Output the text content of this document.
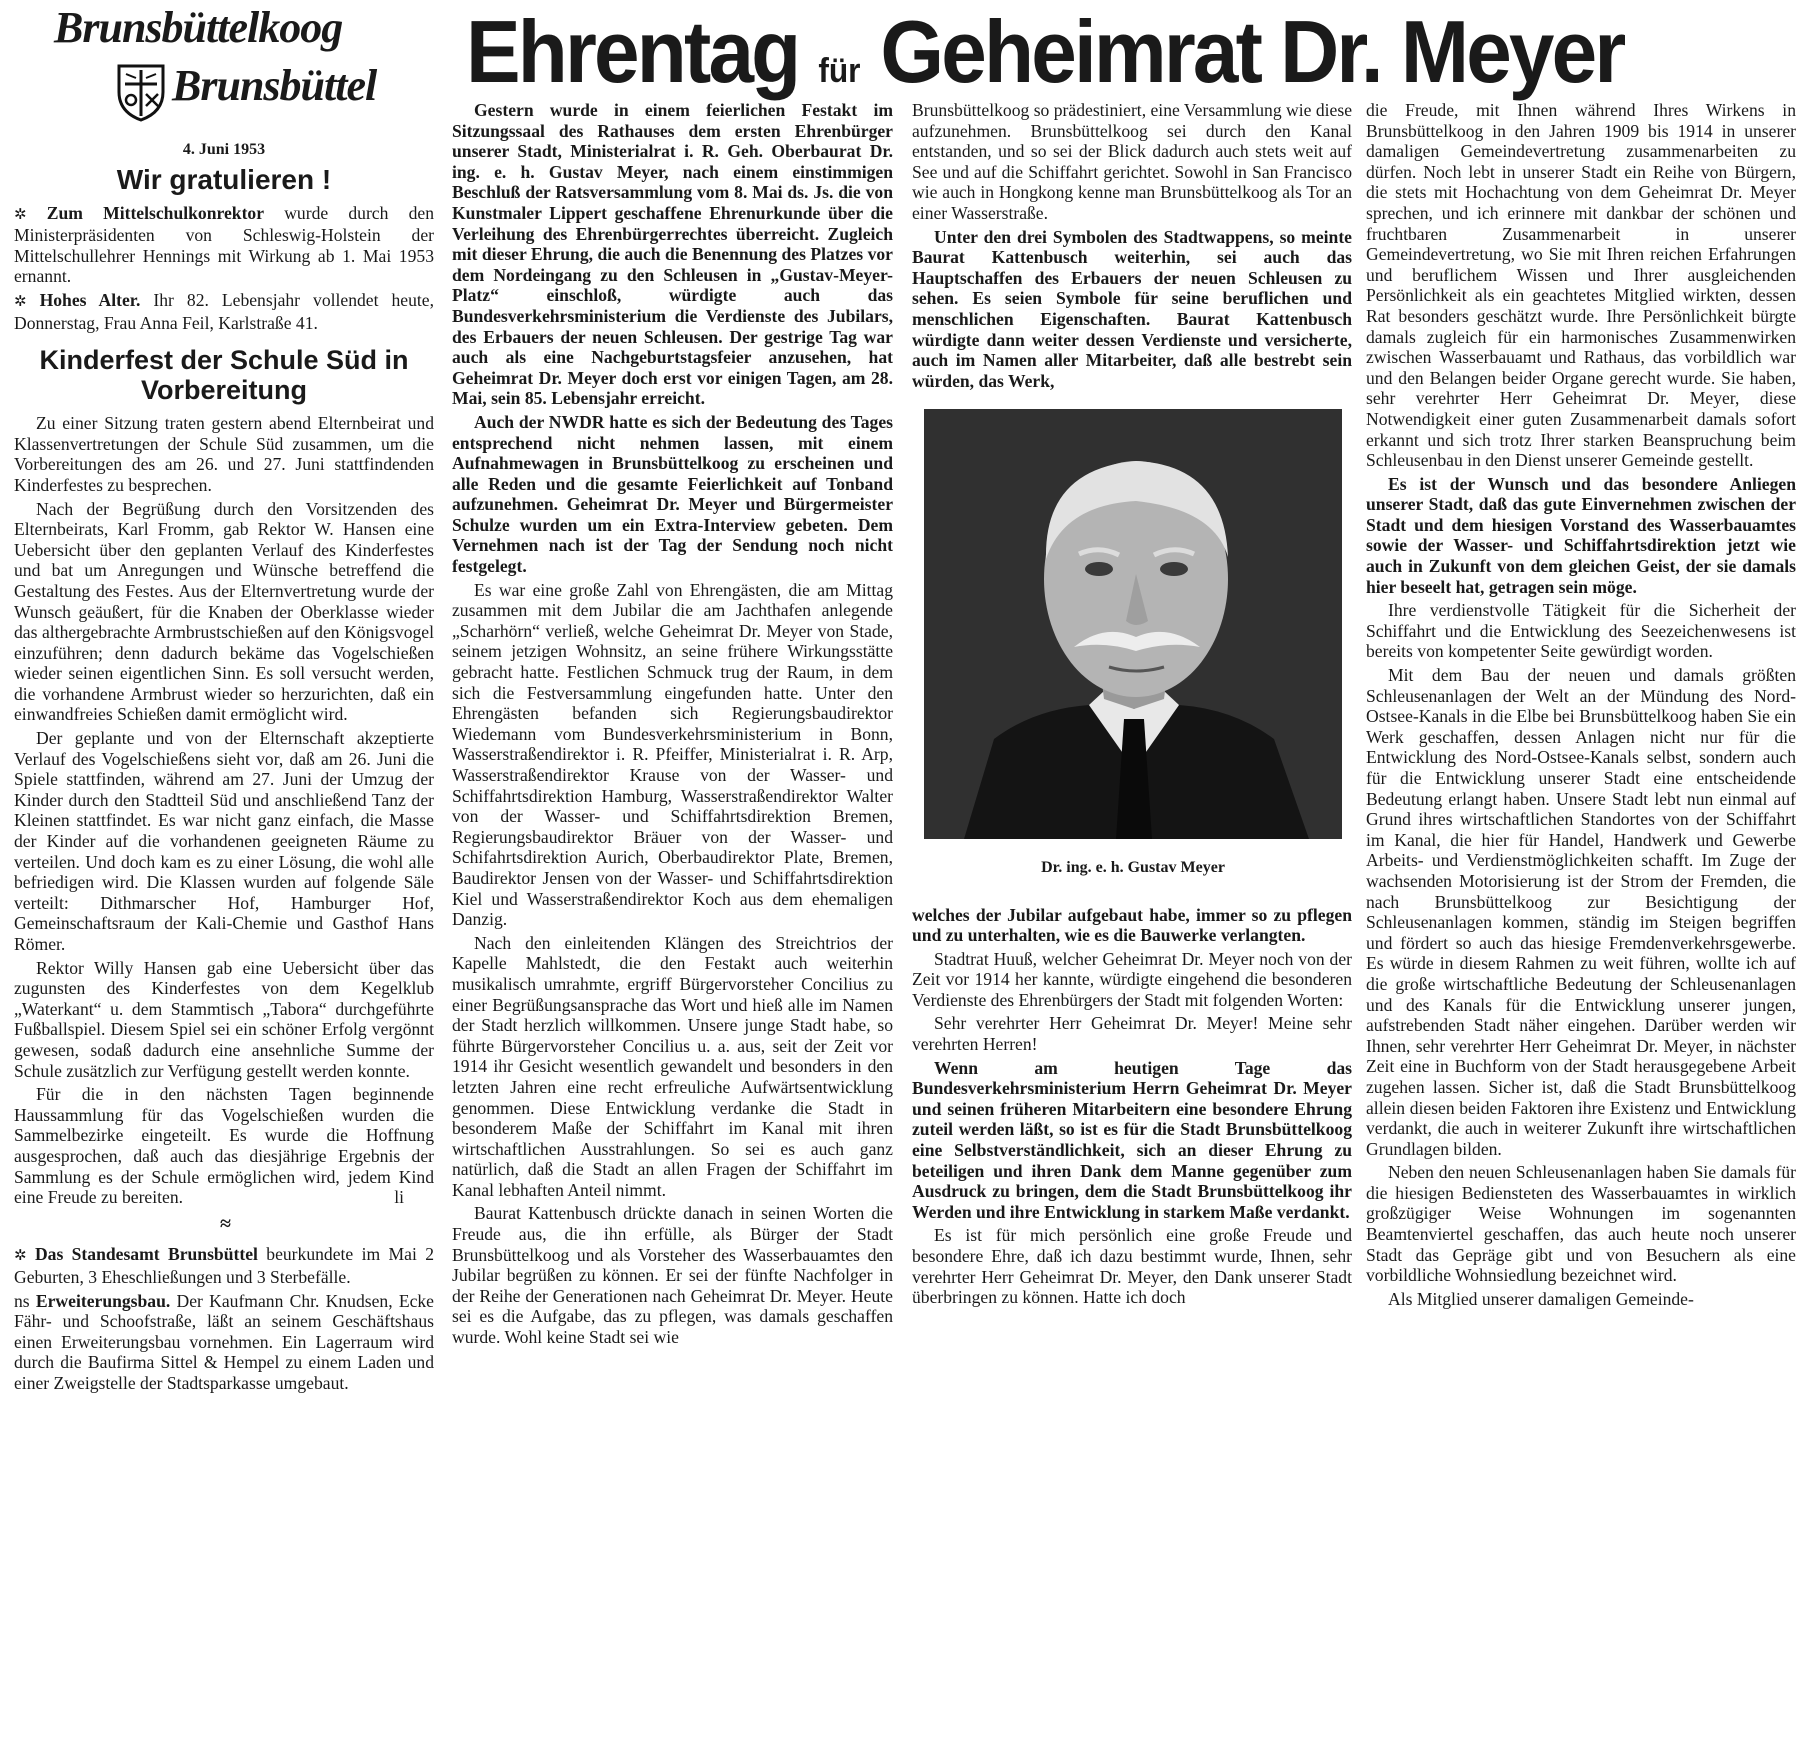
Brunsbüttelkoog
Brunsbüttel Ehrentag für Geheimrat Dr. Meyer
4. Juni 1953
Wir gratulieren !

✲ Zum Mittelschulkonrektor wurde durch den Ministerpräsidenten von Schleswig-Holstein der Mittelschullehrer Hennings mit Wirkung ab 1. Mai 1953 ernannt.

✲ Hohes Alter. Ihr 82. Lebensjahr vollendet heute, Donnerstag, Frau Anna Feil, Karlstraße 41.

Kinderfest der Schule Süd in Vorbereitung

Zu einer Sitzung traten gestern abend Elternbeirat und Klassenvertretungen der Schule Süd zusammen, um die Vorbereitungen des am 26. und 27. Juni stattfindenden Kinderfestes zu besprechen.

Nach der Begrüßung durch den Vorsitzenden des Elternbeirats, Karl Fromm, gab Rektor W. Hansen eine Uebersicht über den geplanten Verlauf des Kinderfestes und bat um Anregungen und Wünsche betreffend die Gestaltung des Festes. Aus der Elternvertretung wurde der Wunsch geäußert, für die Knaben der Oberklasse wieder das althergebrachte Armbrustschießen auf den Königsvogel einzuführen; denn dadurch bekäme das Vogelschießen wieder seinen eigentlichen Sinn. Es soll versucht werden, die vorhandene Armbrust wieder so herzurichten, daß ein einwandfreies Schießen damit ermöglicht wird.

Der geplante und von der Elternschaft akzeptierte Verlauf des Vogelschießens sieht vor, daß am 26. Juni die Spiele stattfinden, während am 27. Juni der Umzug der Kinder durch den Stadtteil Süd und anschließend Tanz der Kleinen stattfindet. Es war nicht ganz einfach, die Masse der Kinder auf die vorhandenen geeigneten Räume zu verteilen. Und doch kam es zu einer Lösung, die wohl alle befriedigen wird. Die Klassen wurden auf folgende Säle verteilt: Dithmarscher Hof, Hamburger Hof, Gemeinschaftsraum der Kali-Chemie und Gasthof Hans Römer.

Rektor Willy Hansen gab eine Uebersicht über das zugunsten des Kinderfestes von dem Kegelklub „Waterkant“ u. dem Stammtisch „Tabora“ durchgeführte Fußballspiel. Diesem Spiel sei ein schöner Erfolg vergönnt gewesen, sodaß dadurch eine ansehnliche Summe der Schule zusätzlich zur Verfügung gestellt werden konnte.

Für die in den nächsten Tagen beginnende Haussammlung für das Vogelschießen wurden die Sammelbezirke eingeteilt. Es wurde die Hoffnung ausgesprochen, daß auch das diesjährige Ergebnis der Sammlung es der Schule ermöglichen wird, jedem Kind eine Freude zu bereiten.	li

≈

✲ Das Standesamt Brunsbüttel beurkundete im Mai 2 Geburten, 3 Eheschließungen und 3 Sterbefälle.

ns Erweiterungsbau. Der Kaufmann Chr. Knudsen, Ecke Fähr- und Schoofstraße, läßt an seinem Geschäftshaus einen Erweiterungsbau vornehmen. Ein Lagerraum wird durch die Baufirma Sittel & Hempel zu einem Laden und einer Zweigstelle der Stadtsparkasse umgebaut.

Gestern wurde in einem feierlichen Festakt im Sitzungssaal des Rathauses dem ersten Ehrenbürger unserer Stadt, Ministerialrat i. R. Geh. Oberbaurat Dr. ing. e. h. Gustav Meyer, nach einem einstimmigen Beschluß der Ratsversammlung vom 8. Mai ds. Js. die von Kunstmaler Lippert geschaffene Ehrenurkunde über die Verleihung des Ehrenbürgerrechtes überreicht. Zugleich mit dieser Ehrung, die auch die Benennung des Platzes vor dem Nordeingang zu den Schleusen in „Gustav-Meyer-Platz“ einschloß, würdigte auch das Bundesverkehrsministerium die Verdienste des Jubilars, des Erbauers der neuen Schleusen. Der gestrige Tag war auch als eine Nachgeburtstagsfeier anzusehen, hat Geheimrat Dr. Meyer doch erst vor einigen Tagen, am 28. Mai, sein 85. Lebensjahr erreicht.

Auch der NWDR hatte es sich der Bedeutung des Tages entsprechend nicht nehmen lassen, mit einem Aufnahmewagen in Brunsbüttelkoog zu erscheinen und alle Reden und die gesamte Feierlichkeit auf Tonband aufzunehmen. Geheimrat Dr. Meyer und Bürgermeister Schulze wurden um ein Extra-Interview gebeten. Dem Vernehmen nach ist der Tag der Sendung noch nicht festgelegt.

Es war eine große Zahl von Ehrengästen, die am Mittag zusammen mit dem Jubilar die am Jachthafen anlegende „Scharhörn“ verließ, welche Geheimrat Dr. Meyer von Stade, seinem jetzigen Wohnsitz, an seine frühere Wirkungsstätte gebracht hatte. Festlichen Schmuck trug der Raum, in dem sich die Festversammlung eingefunden hatte. Unter den Ehrengästen befanden sich Regierungsbaudirektor Wiedemann vom Bundesverkehrsministerium in Bonn, Wasserstraßendirektor i. R. Pfeiffer, Ministerialrat i. R. Arp, Wasserstraßendirektor Krause von der Wasser- und Schiffahrtsdirektion Hamburg, Wasserstraßendirektor Walter von der Wasser- und Schiffahrtsdirektion Bremen, Regierungsbaudirektor Bräuer von der Wasser- und Schifahrtsdirektion Aurich, Oberbaudirektor Plate, Bremen, Baudirektor Jensen von der Wasser- und Schiffahrtsdirektion Kiel und Wasserstraßendirektor Koch aus dem ehemaligen Danzig.

Nach den einleitenden Klängen des Streichtrios der Kapelle Mahlstedt, die den Festakt auch weiterhin musikalisch umrahmte, ergriff Bürgervorsteher Concilius zu einer Begrüßungsansprache das Wort und hieß alle im Namen der Stadt herzlich willkommen. Unsere junge Stadt habe, so führte Bürgervorsteher Concilius u. a. aus, seit der Zeit vor 1914 ihr Gesicht wesentlich gewandelt und besonders in den letzten Jahren eine recht erfreuliche Aufwärtsentwicklung genommen. Diese Entwicklung verdanke die Stadt in besonderem Maße der Schiffahrt im Kanal mit ihren wirtschaftlichen Ausstrahlungen. So sei es auch ganz natürlich, daß die Stadt an allen Fragen der Schiffahrt im Kanal lebhaften Anteil nimmt.

Baurat Kattenbusch drückte danach in seinen Worten die Freude aus, die ihn erfülle, als Bürger der Stadt Brunsbüttelkoog und als Vorsteher des Wasserbauamtes den Jubilar begrüßen zu können. Er sei der fünfte Nachfolger in der Reihe der Generationen nach Geheimrat Dr. Meyer. Heute sei es die Aufgabe, das zu pflegen, was damals geschaffen wurde. Wohl keine Stadt sei wie

Brunsbüttelkoog so prädestiniert, eine Versammlung wie diese aufzunehmen. Brunsbüttelkoog sei durch den Kanal entstanden, und so sei der Blick dadurch auch stets weit auf See und auf die Schiffahrt gerichtet. Sowohl in San Francisco wie auch in Hongkong kenne man Brunsbüttelkoog als Tor an einer Wasserstraße.

Unter den drei Symbolen des Stadtwappens, so meinte Baurat Kattenbusch weiterhin, sei auch das Hauptschaffen des Erbauers der neuen Schleusen zu sehen. Es seien Symbole für seine beruflichen und menschlichen Eigenschaften. Baurat Kattenbusch würdigte dann weiter dessen Verdienste und versicherte, auch im Namen aller Mitarbeiter, daß alle bestrebt sein würden, das Werk,

Dr. ing. e. h. Gustav Meyer

welches der Jubilar aufgebaut habe, immer so zu pflegen und zu unterhalten, wie es die Bauwerke verlangten.

Stadtrat Huuß, welcher Geheimrat Dr. Meyer noch von der Zeit vor 1914 her kannte, würdigte eingehend die besonderen Verdienste des Ehrenbürgers der Stadt mit folgenden Worten:

Sehr verehrter Herr Geheimrat Dr. Meyer! Meine sehr verehrten Herren!

Wenn am heutigen Tage das Bundesverkehrsministerium Herrn Geheimrat Dr. Meyer und seinen früheren Mitarbeitern eine besondere Ehrung zuteil werden läßt, so ist es für die Stadt Brunsbüttelkoog eine Selbstverständlichkeit, sich an dieser Ehrung zu beteiligen und ihren Dank dem Manne gegenüber zum Ausdruck zu bringen, dem die Stadt Brunsbüttelkoog ihr Werden und ihre Entwicklung in starkem Maße verdankt.

Es ist für mich persönlich eine große Freude und besondere Ehre, daß ich dazu bestimmt wurde, Ihnen, sehr verehrter Herr Geheimrat Dr. Meyer, den Dank unserer Stadt überbringen zu können. Hatte ich doch

die Freude, mit Ihnen während Ihres Wirkens in Brunsbüttelkoog in den Jahren 1909 bis 1914 in unserer damaligen Gemeindevertretung zusammenarbeiten zu dürfen. Noch lebt in unserer Stadt ein Reihe von Bürgern, die stets mit Hochachtung von dem Geheimrat Dr. Meyer sprechen, und ich erinnere mit dankbar der schönen und fruchtbaren Zusammenarbeit in unserer Gemeindevertretung, wo Sie mit Ihren reichen Erfahrungen und beruflichem Wissen und Ihrer ausgleichenden Persönlichkeit als ein geachtetes Mitglied wirkten, dessen Rat besonders geschätzt wurde. Ihre Persönlichkeit bürgte damals zugleich für ein harmonisches Zusammenwirken zwischen Wasserbauamt und Rathaus, das vorbildlich war und den Belangen beider Organe gerecht wurde. Sie haben, sehr verehrter Herr Geheimrat Dr. Meyer, diese Notwendigkeit einer guten Zusammenarbeit damals sofort erkannt und sich trotz Ihrer starken Beanspruchung beim Schleusenbau in den Dienst unserer Gemeinde gestellt.

Es ist der Wunsch und das besondere Anliegen unserer Stadt, daß das gute Einvernehmen zwischen der Stadt und dem hiesigen Vorstand des Wasserbauamtes sowie der Wasser- und Schiffahrtsdirektion jetzt wie auch in Zukunft von dem gleichen Geist, der sie damals hier beseelt hat, getragen sein möge.

Ihre verdienstvolle Tätigkeit für die Sicherheit der Schiffahrt und die Entwicklung des Seezeichenwesens ist bereits von kompetenter Seite gewürdigt worden.

Mit dem Bau der neuen und damals größten Schleusenanlagen der Welt an der Mündung des Nord-Ostsee-Kanals in die Elbe bei Brunsbüttelkoog haben Sie ein Werk geschaffen, dessen Anlagen nicht nur für die Entwicklung des Nord-Ostsee-Kanals selbst, sondern auch für die Entwicklung unserer Stadt eine entscheidende Bedeutung erlangt haben. Unsere Stadt lebt nun einmal auf Grund ihres wirtschaftlichen Standortes von der Schiffahrt im Kanal, die hier für Handel, Handwerk und Gewerbe Arbeits- und Verdienstmöglichkeiten schafft. Im Zuge der wachsenden Motorisierung ist der Strom der Fremden, die nach Brunsbüttelkoog zur Besichtigung der Schleusenanlagen kommen, ständig im Steigen begriffen und fördert so auch das hiesige Fremdenverkehrsgewerbe. Es würde in diesem Rahmen zu weit führen, wollte ich auf die große wirtschaftliche Bedeutung der Schleusenanlagen und des Kanals für die Entwicklung unserer jungen, aufstrebenden Stadt näher eingehen. Darüber werden wir Ihnen, sehr verehrter Herr Geheimrat Dr. Meyer, in nächster Zeit eine in Buchform von der Stadt herausgegebene Arbeit zugehen lassen. Sicher ist, daß die Stadt Brunsbüttelkoog allein diesen beiden Faktoren ihre Existenz und Entwicklung verdankt, die auch in weiterer Zukunft ihre wirtschaftlichen Grundlagen bilden.

Neben den neuen Schleusenanlagen haben Sie damals für die hiesigen Bediensteten des Wasserbauamtes in wirklich großzügiger Weise Wohnungen im sogenannten Beamtenviertel geschaffen, das auch heute noch unserer Stadt das Gepräge gibt und von Besuchern als eine vorbildliche Wohnsiedlung bezeichnet wird.

Als Mitglied unserer damaligen Gemeinde-
